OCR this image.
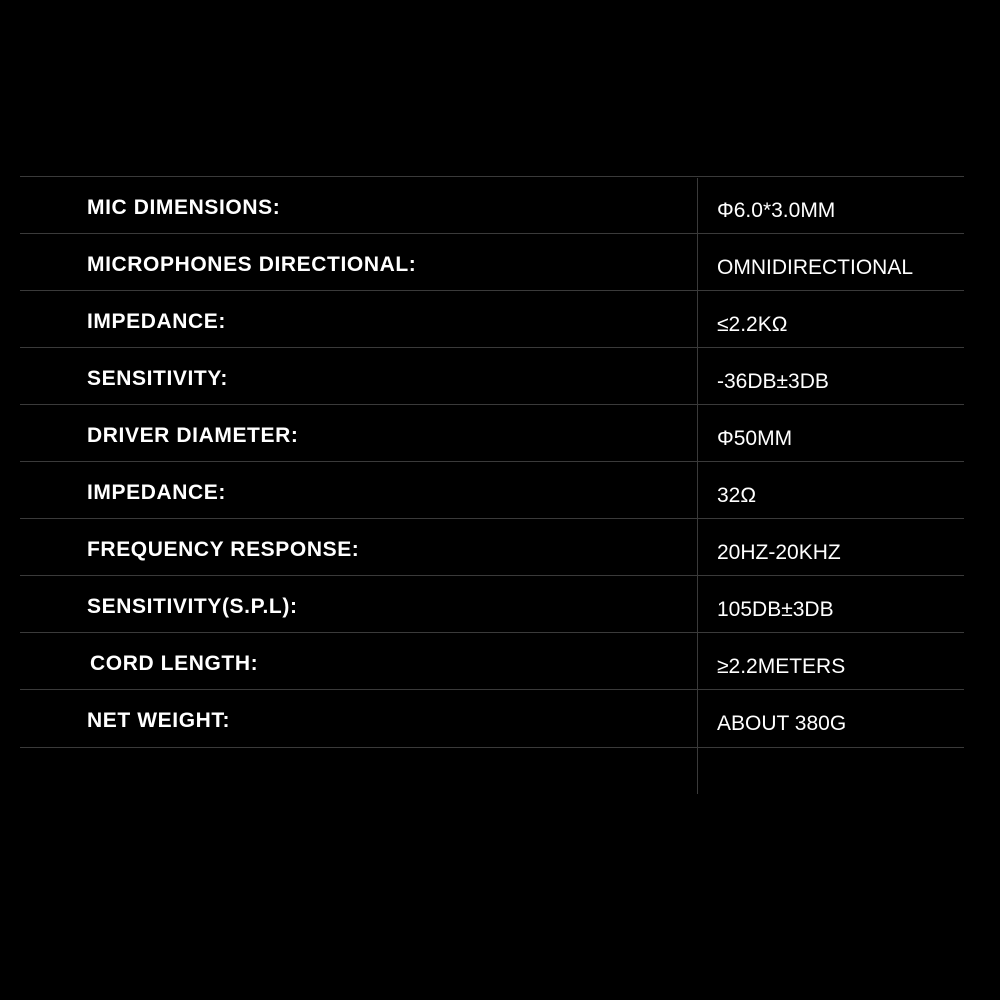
MIC DIMENSIONS:	Φ6.0*3.0MM
MICROPHONES DIRECTIONAL:	OMNIDIRECTIONAL
IMPEDANCE:	≤2.2KΩ
SENSITIVITY:	-36DB±3DB
DRIVER DIAMETER:	Φ50MM
IMPEDANCE:	32Ω
FREQUENCY RESPONSE:	20HZ-20KHZ
SENSITIVITY(S.P.L):	105DB±3DB
CORD LENGTH:	≥2.2METERS
NET WEIGHT:	ABOUT 380G
